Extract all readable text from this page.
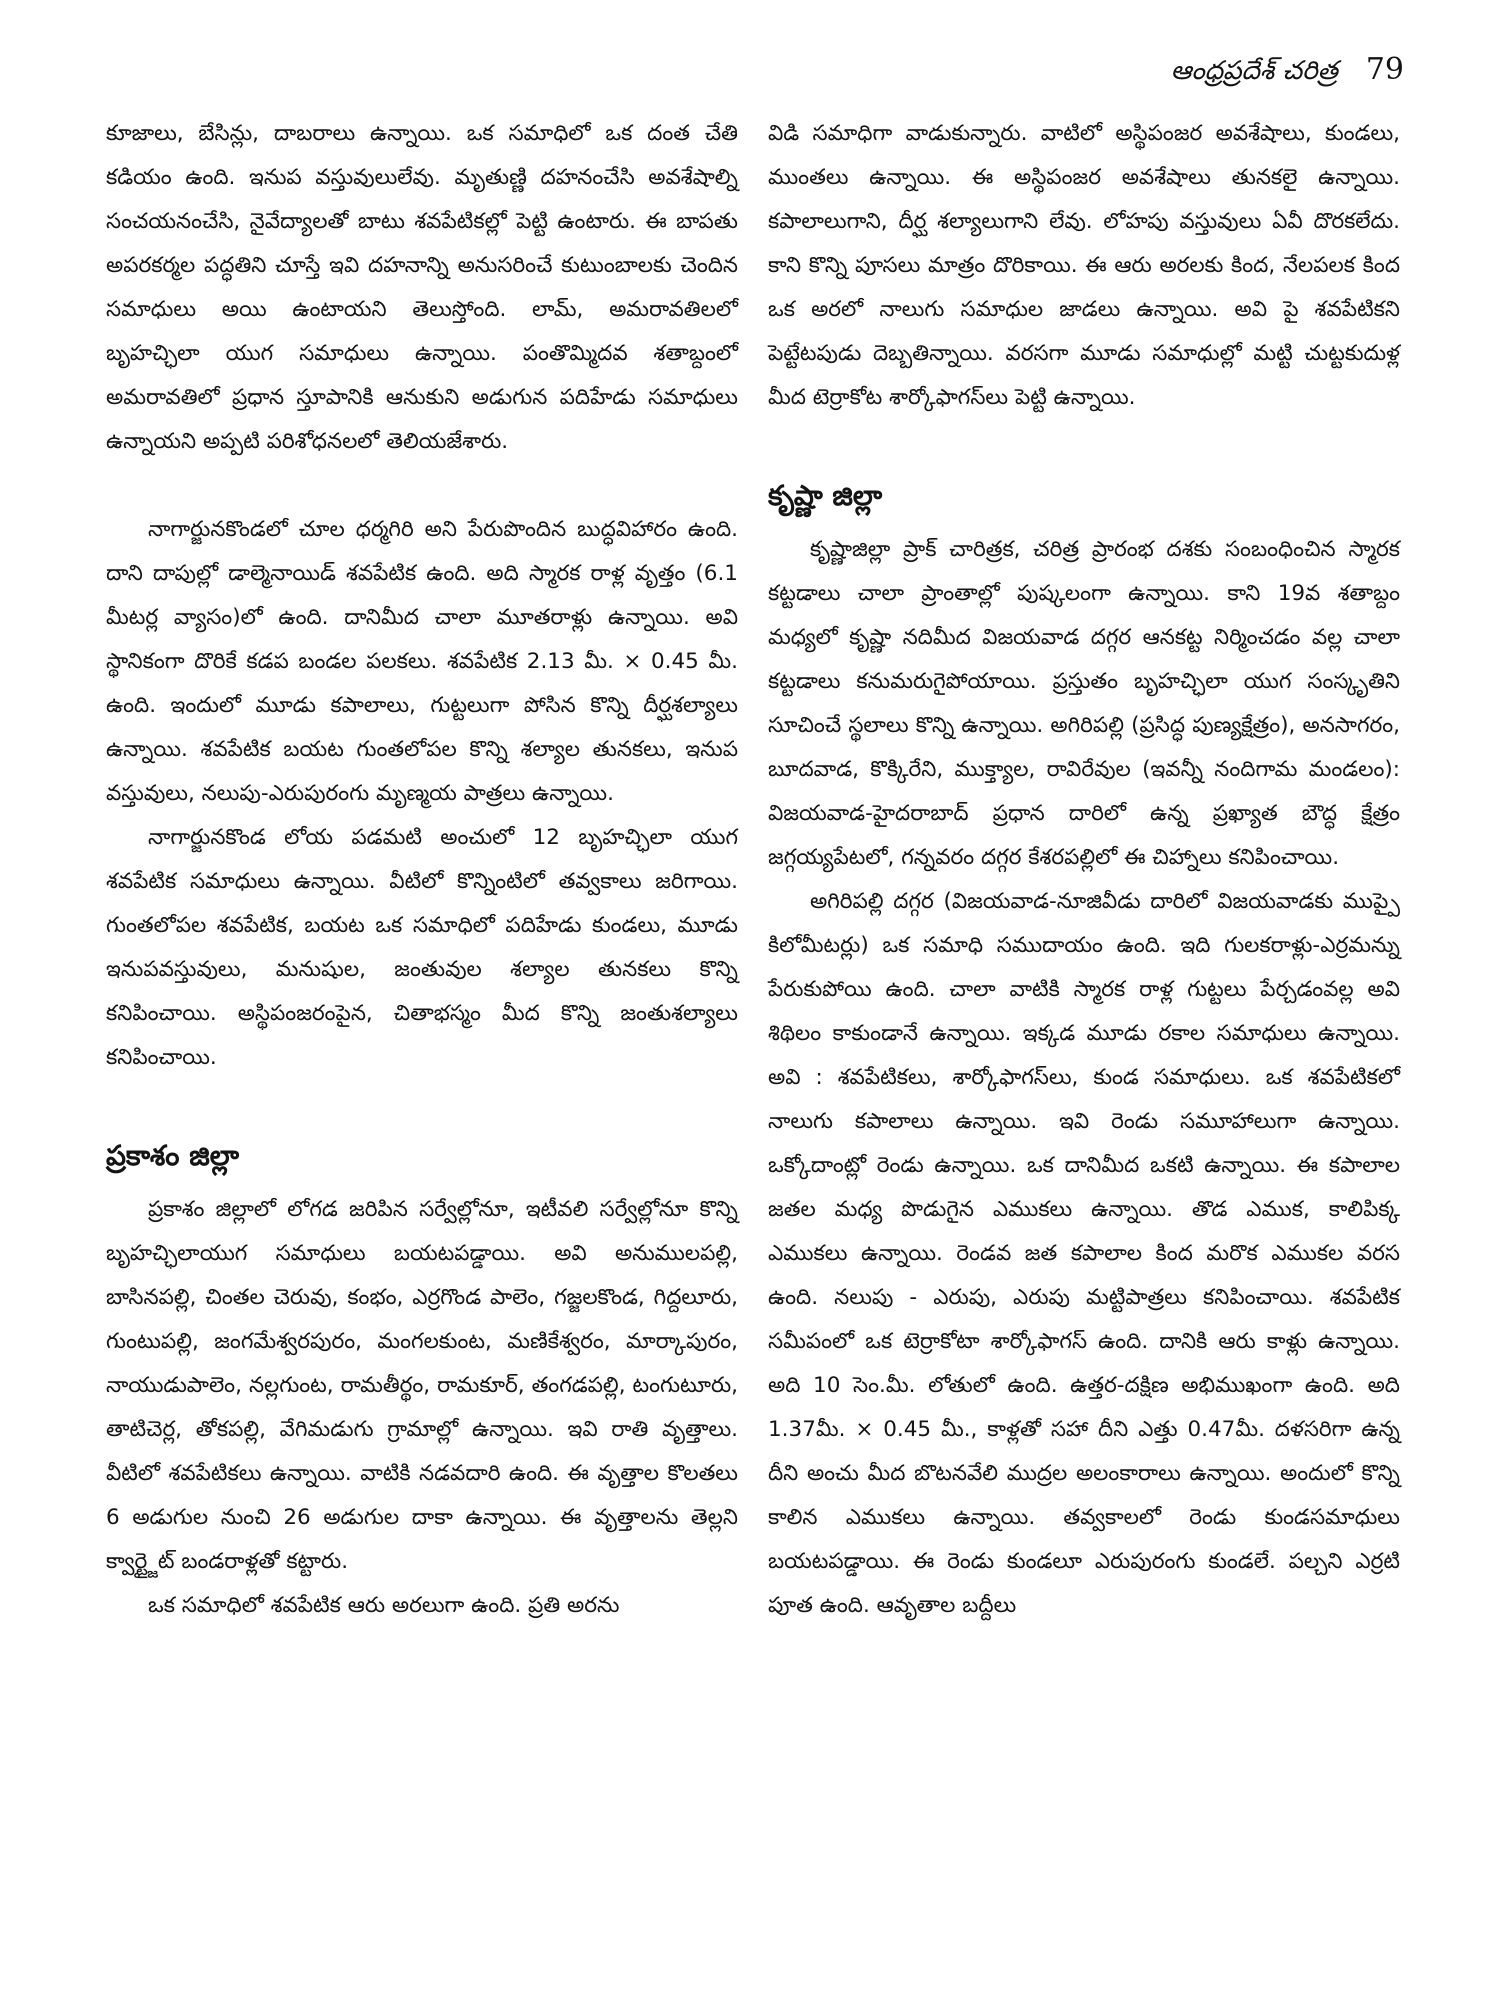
ఆంధ్రప్రదేశ్ చరిత్ర 79

కూజాలు, బేసిన్లు, దాబరాలు ఉన్నాయి. ఒక సమాధిలో ఒక దంత చేతి కడియం ఉంది. ఇనుప వస్తువులులేవు. మృతుణ్ణి దహనంచేసి అవశేషాల్ని సంచయనంచేసి, నైవేద్యాలతో బాటు శవపేటికల్లో పెట్టి ఉంటారు. ఈ బాపతు అపరకర్మల పద్ధతిని చూస్తే ఇవి దహనాన్ని అనుసరించే కుటుంబాలకు చెందిన సమాధులు అయి ఉంటాయని తెలుస్తోంది. లామ్, అమరావతిలలో బృహచ్ఛిలా యుగ సమాధులు ఉన్నాయి. పంతొమ్మిదవ శతాబ్దంలో అమరావతిలో ప్రధాన స్తూపానికి ఆనుకుని అడుగున పదిహేడు సమాధులు ఉన్నాయని అప్పటి పరిశోధనలలో తెలియజేశారు.

నాగార్జునకొండలో చూల ధర్మగిరి అని పేరుపొందిన బుద్ధవిహారం ఉంది. దాని దాపుల్లో డాల్మెనాయిడ్ శవపేటిక ఉంది. అది స్మారక రాళ్ల వృత్తం (6.1 మీటర్ల వ్యాసం)లో ఉంది. దానిమీద చాలా మూతరాళ్లు ఉన్నాయి. అవి స్థానికంగా దొరికే కడప బండల పలకలు. శవపేటిక 2.13 మీ. × 0.45 మీ. ఉంది. ఇందులో మూడు కపాలాలు, గుట్టలుగా పోసిన కొన్ని దీర్ఘశల్యాలు ఉన్నాయి. శవపేటిక బయట గుంతలోపల కొన్ని శల్యాల తునకలు, ఇనుప వస్తువులు, నలుపు-ఎరుపురంగు మృణ్మయ పాత్రలు ఉన్నాయి.

నాగార్జునకొండ లోయ పడమటి అంచులో 12 బృహచ్ఛిలా యుగ శవపేటిక సమాధులు ఉన్నాయి. వీటిలో కొన్నింటిలో తవ్వకాలు జరిగాయి. గుంతలోపల శవపేటిక, బయట ఒక సమాధిలో పదిహేడు కుండలు, మూడు ఇనుపవస్తువులు, మనుషుల, జంతువుల శల్యాల తునకలు కొన్ని కనిపించాయి. అస్థిపంజరంపైన, చితాభస్మం మీద కొన్ని జంతుశల్యాలు కనిపించాయి.

ప్రకాశం జిల్లా

ప్రకాశం జిల్లాలో లోగడ జరిపిన సర్వేల్లోనూ, ఇటీవలి సర్వేల్లోనూ కొన్ని బృహచ్ఛిలాయుగ సమాధులు బయటపడ్డాయి. అవి అనుములపల్లి, బాసినపల్లి, చింతల చెరువు, కంభం, ఎర్రగొండ పాలెం, గజ్జలకొండ, గిద్దలూరు, గుంటుపల్లి, జంగమేశ్వరపురం, మంగలకుంట, మణికేశ్వరం, మార్కాపురం, నాయుడుపాలెం, నల్లగుంట, రామతీర్థం, రామకూర్, తంగడపల్లి, టంగుటూరు, తాటిచెర్ల, తోకపల్లి, వేగిమడుగు గ్రామాల్లో ఉన్నాయి. ఇవి రాతి వృత్తాలు. వీటిలో శవపేటికలు ఉన్నాయి. వాటికి నడవదారి ఉంది. ఈ వృత్తాల కొలతలు 6 అడుగుల నుంచి 26 అడుగుల దాకా ఉన్నాయి. ఈ వృత్తాలను తెల్లని క్వార్ట్జైట్ బండరాళ్లతో కట్టారు.

ఒక సమాధిలో శవపేటిక ఆరు అరలుగా ఉంది. ప్రతి అరను

విడి సమాధిగా వాడుకున్నారు. వాటిలో అస్థిపంజర అవశేషాలు, కుండలు, ముంతలు ఉన్నాయి. ఈ అస్థిపంజర అవశేషాలు తునకలై ఉన్నాయి. కపాలాలుగాని, దీర్ఘ శల్యాలుగాని లేవు. లోహపు వస్తువులు ఏవీ దొరకలేదు. కాని కొన్ని పూసలు మాత్రం దొరికాయి. ఈ ఆరు అరలకు కింద, నేలపలక కింద ఒక అరలో నాలుగు సమాధుల జాడలు ఉన్నాయి. అవి పై శవపేటికని పెట్టేటపుడు దెబ్బతిన్నాయి. వరసగా మూడు సమాధుల్లో మట్టి చుట్టకుదుళ్ల మీద టెర్రాకోట శార్కోఫాగస్‌లు పెట్టి ఉన్నాయి.

కృష్ణా జిల్లా

కృష్ణాజిల్లా ప్రాక్ చారిత్రక, చరిత్ర ప్రారంభ దశకు సంబంధించిన స్మారక కట్టడాలు చాలా ప్రాంతాల్లో పుష్కలంగా ఉన్నాయి. కాని 19వ శతాబ్దం మధ్యలో కృష్ణా నదిమీద విజయవాడ దగ్గర ఆనకట్ట నిర్మించడం వల్ల చాలా కట్టడాలు కనుమరుగైపోయాయి. ప్రస్తుతం బృహచ్ఛిలా యుగ సంస్కృతిని సూచించే స్థలాలు కొన్ని ఉన్నాయి. అగిరిపల్లి (ప్రసిద్ధ పుణ్యక్షేత్రం), అనసాగరం, బూదవాడ, కొక్కిరేని, ముక్త్యాల, రావిరేవుల (ఇవన్నీ నందిగామ మండలం): విజయవాడ-హైదరాబాద్ ప్రధాన దారిలో ఉన్న ప్రఖ్యాత బౌద్ధ క్షేత్రం జగ్గయ్యపేటలో, గన్నవరం దగ్గర కేశరపల్లిలో ఈ చిహ్నాలు కనిపించాయి.

అగిరిపల్లి దగ్గర (విజయవాడ-నూజివీడు దారిలో విజయవాడకు ముప్పై కిలోమీటర్లు) ఒక సమాధి సముదాయం ఉంది. ఇది గులకరాళ్లు-ఎర్రమన్ను పేరుకుపోయి ఉంది. చాలా వాటికి స్మారక రాళ్ల గుట్టలు పేర్చడంవల్ల అవి శిథిలం కాకుండానే ఉన్నాయి. ఇక్కడ మూడు రకాల సమాధులు ఉన్నాయి. అవి : శవపేటికలు, శార్కోఫాగస్‌లు, కుండ సమాధులు. ఒక శవపేటికలో నాలుగు కపాలాలు ఉన్నాయి. ఇవి రెండు సమూహాలుగా ఉన్నాయి. ఒక్కోదాంట్లో రెండు ఉన్నాయి. ఒక దానిమీద ఒకటి ఉన్నాయి. ఈ కపాలాల జతల మధ్య పొడుగైన ఎముకలు ఉన్నాయి. తొడ ఎముక, కాలిపిక్క ఎముకలు ఉన్నాయి. రెండవ జత కపాలాల కింద మరొక ఎముకల వరస ఉంది. నలుపు - ఎరుపు, ఎరుపు మట్టిపాత్రలు కనిపించాయి. శవపేటిక సమీపంలో ఒక టెర్రాకోటా శార్కోఫాగస్ ఉంది. దానికి ఆరు కాళ్లు ఉన్నాయి. అది 10 సెం.మీ. లోతులో ఉంది. ఉత్తర-దక్షిణ అభిముఖంగా ఉంది. అది 1.37మీ. × 0.45 మీ., కాళ్లతో సహా దీని ఎత్తు 0.47మీ. దళసరిగా ఉన్న దీని అంచు మీద బొటనవేలి ముద్రల అలంకారాలు ఉన్నాయి. అందులో కొన్ని కాలిన ఎముకలు ఉన్నాయి. తవ్వకాలలో రెండు కుండసమాధులు బయటపడ్డాయి. ఈ రెండు కుండలూ ఎరుపురంగు కుండలే. పల్చని ఎర్రటి పూత ఉంది. ఆవృతాల బద్దీలు
